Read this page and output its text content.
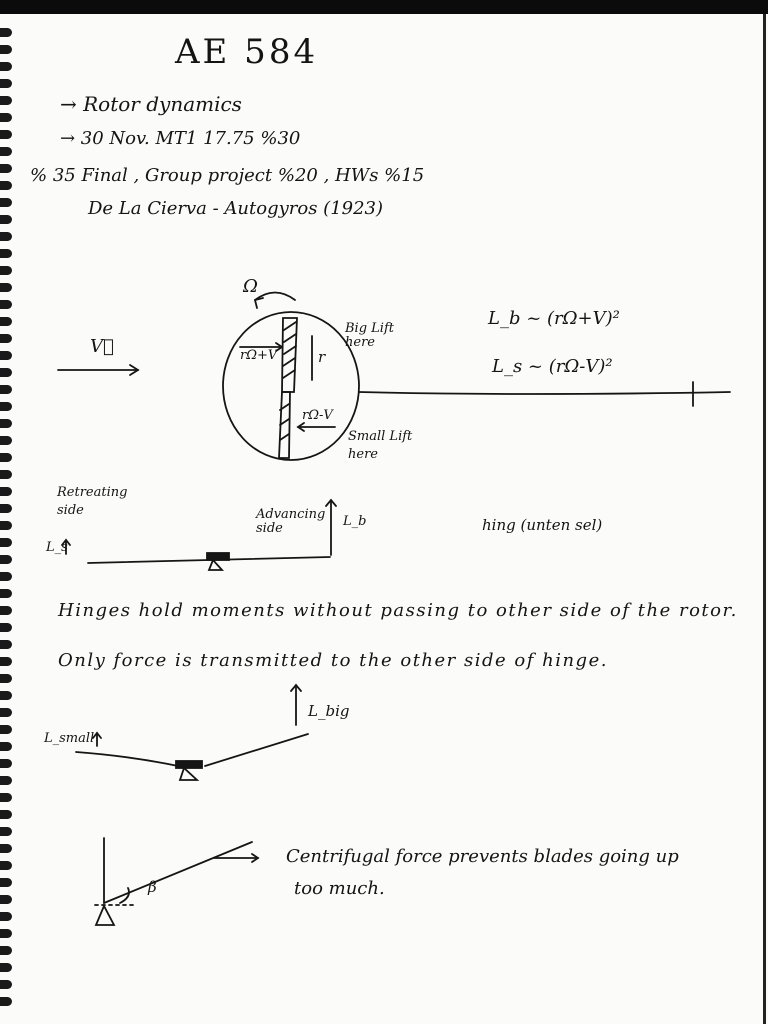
AE 584
→ Rotor dynamics
→ 30 Nov. MT1 17.75 %30
% 35 Final , Group project %20 , HWs %15
De La Cierva - Autogyros (1923)
Ω
V⃗	rΩ+V	r
rΩ-V
Big Lift here
Small Lift here
L_b ~ (rΩ+V)²
L_s ~ (rΩ-V)²
Retreating side	Advancing side
L_s
L_b	hing (unten sel)
Hinges hold moments without passing to other side of the rotor.
Only force is transmitted to the other side of hinge.
L_small
L_big
β
Centrifugal force prevents blades going up
too much.
